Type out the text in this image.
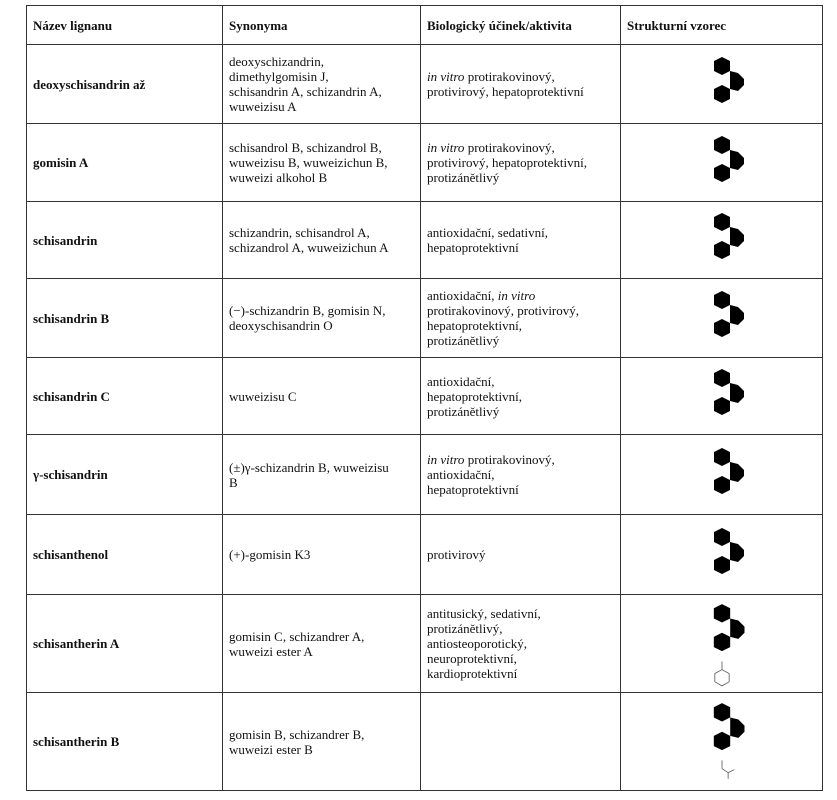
Název lignanu	Synonyma	Biologický účinek/aktivita	Strukturní vzorec
deoxyschisandrin až	deoxyschizandrin,
dimethylgomisin J,
schisandrin A, schizandrin A,
wuweizisu A	in vitro protirakovinový,
protivirový, hepatoprotektivní	

gomisin A	schisandrol B, schizandrol B,
wuweizisu B, wuweizichun B,
wuweizi alkohol B	in vitro protirakovinový,
protivirový, hepatoprotektivní,
protizánětlivý	

schisandrin	schizandrin, schisandrol A,
schizandrol A, wuweizichun A	antioxidační, sedativní,
hepatoprotektivní	

schisandrin B	(−)-schizandrin B, gomisin N,
deoxyschisandrin O	antioxidační, in vitro
protirakovinový, protivirový,
hepatoprotektivní,
protizánětlivý	

schisandrin C	wuweizisu C	antioxidační,
hepatoprotektivní,
protizánětlivý	

γ-schisandrin	(±)γ-schizandrin B, wuweizisu
B	in vitro protirakovinový,
antioxidační,
hepatoprotektivní	

schisanthenol	(+)-gomisin K3	protivirový	

schisantherin A	gomisin C, schizandrer A,
wuweizi ester A	antitusický, sedativní,
protizánětlivý,
antiosteoporotický,
neuroprotektivní,
kardioprotektivní	

schisantherin B	gomisin B, schizandrer B,
wuweizi ester B		
